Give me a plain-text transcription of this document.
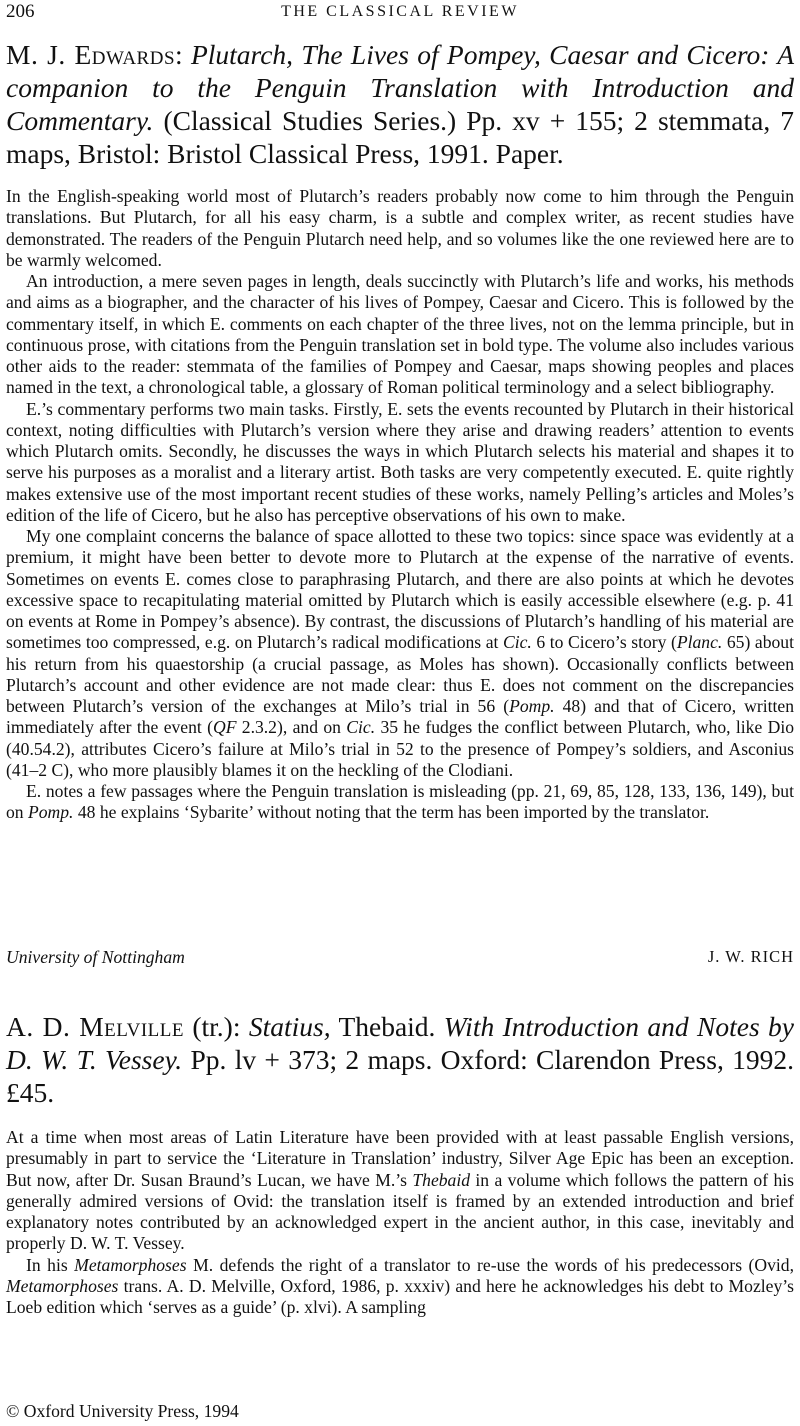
206	THE CLASSICAL REVIEW
M. J. Edwards: Plutarch, The Lives of Pompey, Caesar and Cicero: A companion to the Penguin Translation with Introduction and Commentary. (Classical Studies Series.) Pp. xv + 155; 2 stemmata, 7 maps, Bristol: Bristol Classical Press, 1991. Paper.

In the English-speaking world most of Plutarch’s readers probably now come to him through the Penguin translations. But Plutarch, for all his easy charm, is a subtle and complex writer, as recent studies have demonstrated. The readers of the Penguin Plutarch need help, and so volumes like the one reviewed here are to be warmly welcomed.

An introduction, a mere seven pages in length, deals succinctly with Plutarch’s life and works, his methods and aims as a biographer, and the character of his lives of Pompey, Caesar and Cicero. This is followed by the commentary itself, in which E. comments on each chapter of the three lives, not on the lemma principle, but in continuous prose, with citations from the Penguin translation set in bold type. The volume also includes various other aids to the reader: stemmata of the families of Pompey and Caesar, maps showing peoples and places named in the text, a chronological table, a glossary of Roman political terminology and a select bibliography.

E.’s commentary performs two main tasks. Firstly, E. sets the events recounted by Plutarch in their historical context, noting difficulties with Plutarch’s version where they arise and drawing readers’ attention to events which Plutarch omits. Secondly, he discusses the ways in which Plutarch selects his material and shapes it to serve his purposes as a moralist and a literary artist. Both tasks are very competently executed. E. quite rightly makes extensive use of the most important recent studies of these works, namely Pelling’s articles and Moles’s edition of the life of Cicero, but he also has perceptive observations of his own to make.

My one complaint concerns the balance of space allotted to these two topics: since space was evidently at a premium, it might have been better to devote more to Plutarch at the expense of the narrative of events. Sometimes on events E. comes close to paraphrasing Plutarch, and there are also points at which he devotes excessive space to recapitulating material omitted by Plutarch which is easily accessible elsewhere (e.g. p. 41 on events at Rome in Pompey’s absence). By contrast, the discussions of Plutarch’s handling of his material are sometimes too compressed, e.g. on Plutarch’s radical modifications at Cic. 6 to Cicero’s story (Planc. 65) about his return from his quaestorship (a crucial passage, as Moles has shown). Occasionally conflicts between Plutarch’s account and other evidence are not made clear: thus E. does not comment on the discrepancies between Plutarch’s version of the exchanges at Milo’s trial in 56 (Pomp. 48) and that of Cicero, written immediately after the event (QF 2.3.2), and on Cic. 35 he fudges the conflict between Plutarch, who, like Dio (40.54.2), attributes Cicero’s failure at Milo’s trial in 52 to the presence of Pompey’s soldiers, and Asconius (41–2 C), who more plausibly blames it on the heckling of the Clodiani.

E. notes a few passages where the Penguin translation is misleading (pp. 21, 69, 85, 128, 133, 136, 149), but on Pomp. 48 he explains ‘Sybarite’ without noting that the term has been imported by the translator.

University of Nottingham	J. W. RICH
A. D. Melville (tr.): Statius, Thebaid. With Introduction and Notes by D. W. T. Vessey. Pp. lv + 373; 2 maps. Oxford: Clarendon Press, 1992. £45.

At a time when most areas of Latin Literature have been provided with at least passable English versions, presumably in part to service the ‘Literature in Translation’ industry, Silver Age Epic has been an exception. But now, after Dr. Susan Braund’s Lucan, we have M.’s Thebaid in a volume which follows the pattern of his generally admired versions of Ovid: the translation itself is framed by an extended introduction and brief explanatory notes contributed by an acknowledged expert in the ancient author, in this case, inevitably and properly D. W. T. Vessey.

In his Metamorphoses M. defends the right of a translator to re-use the words of his predecessors (Ovid, Metamorphoses trans. A. D. Melville, Oxford, 1986, p. xxxiv) and here he acknowledges his debt to Mozley’s Loeb edition which ‘serves as a guide’ (p. xlvi). A sampling

© Oxford University Press, 1994
